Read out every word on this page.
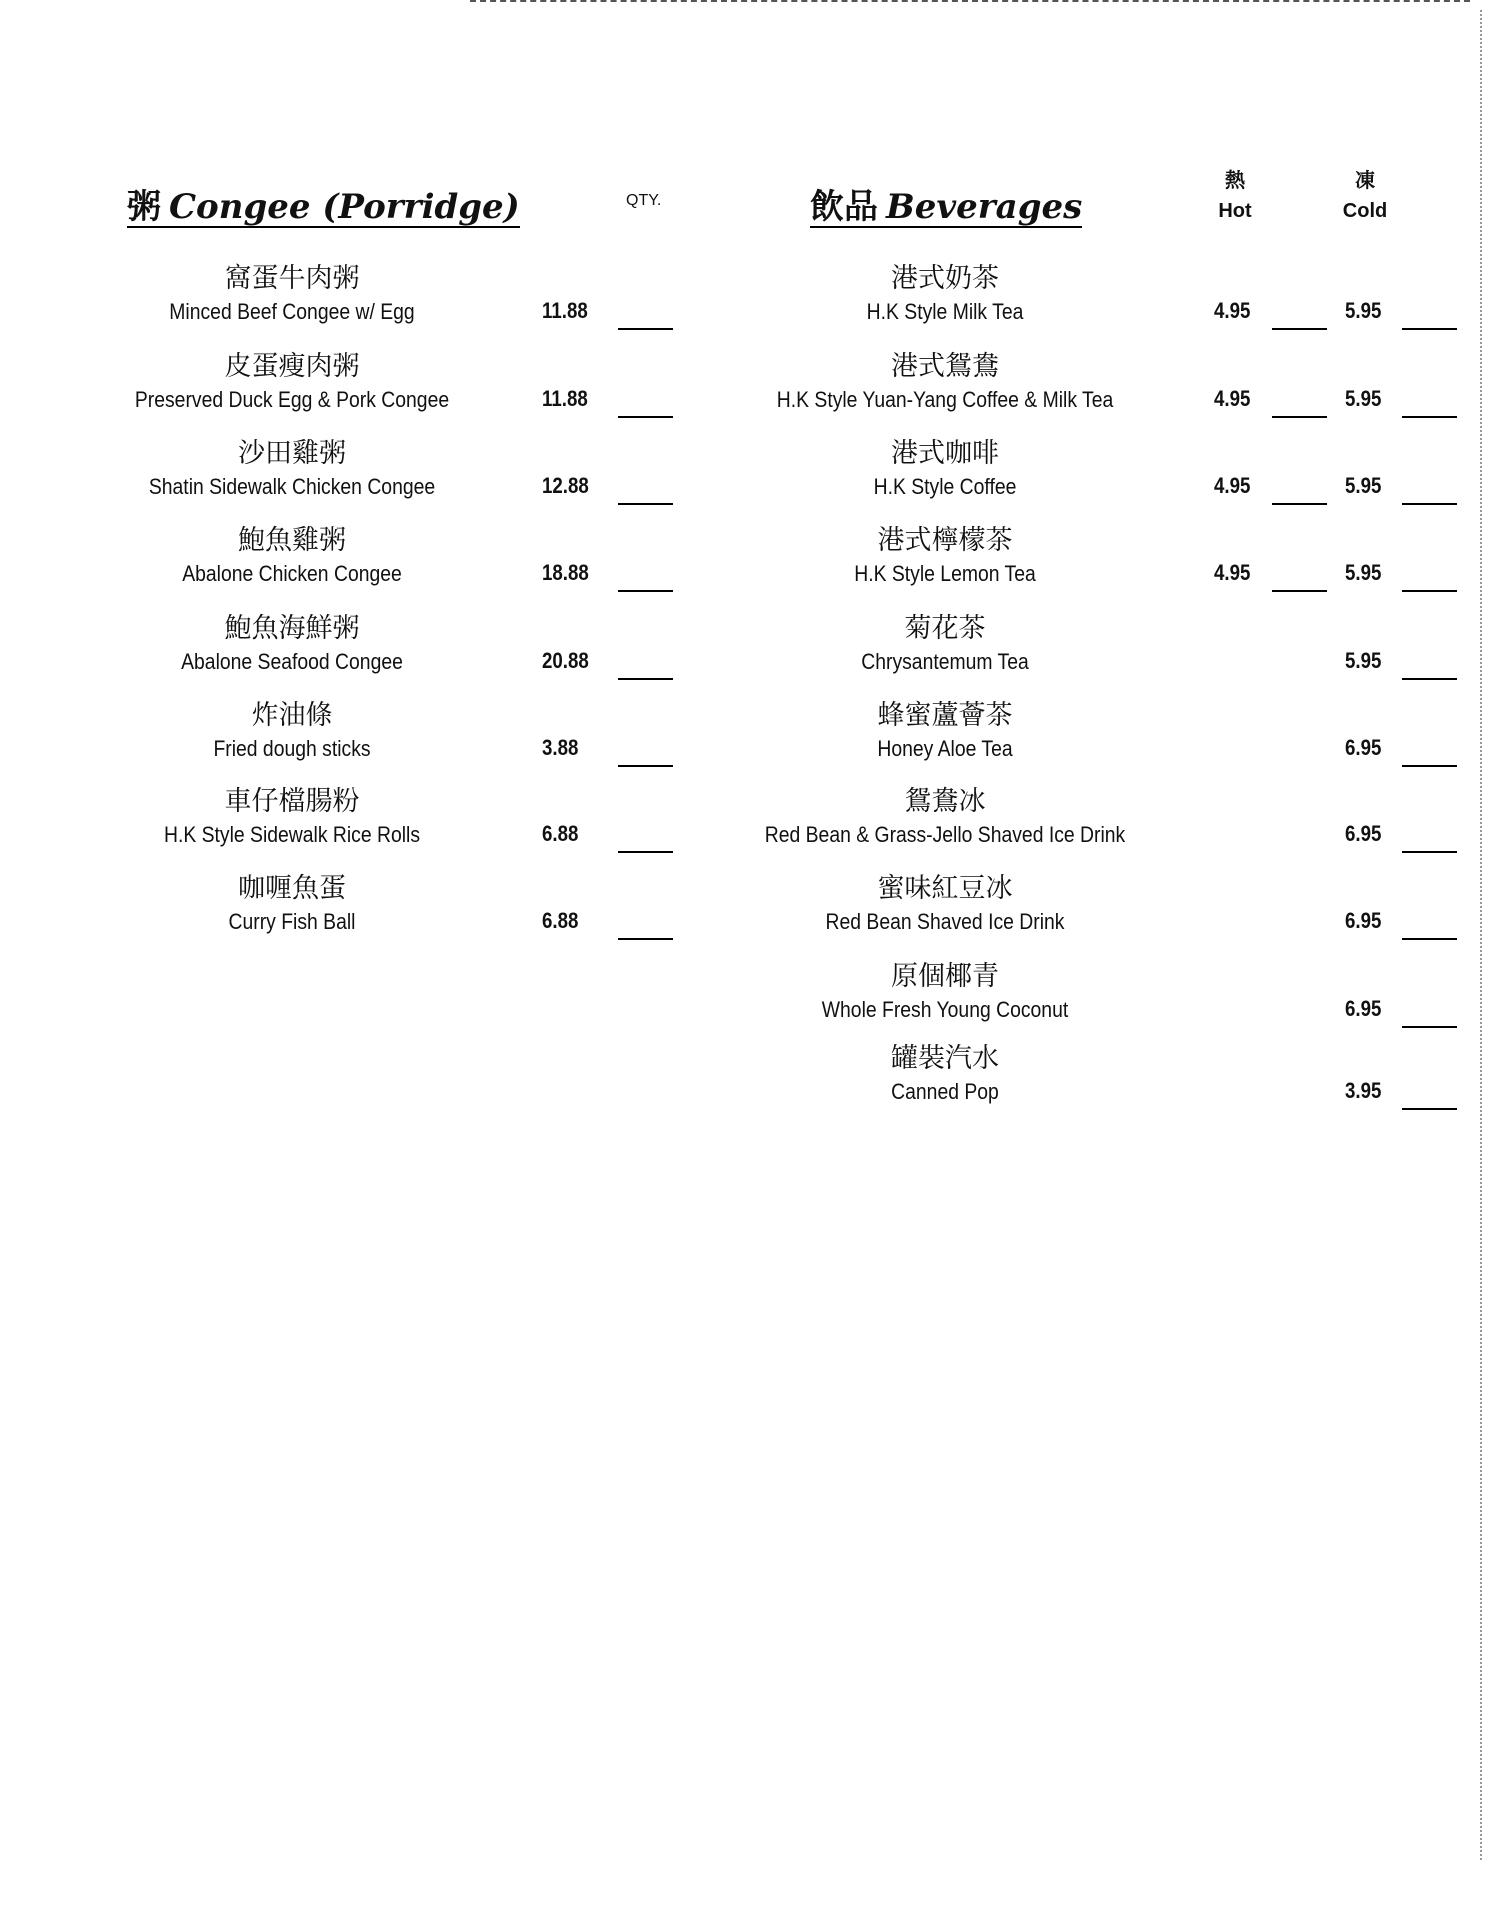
粥 Congee (Porridge)	QTY.
窩蛋牛肉粥
Minced Beef Congee w/ Egg
皮蛋瘦肉粥
Preserved Duck Egg & Pork Congee
沙田雞粥
Shatin Sidewalk Chicken Congee
鮑魚雞粥
Abalone Chicken Congee
鮑魚海鮮粥
Abalone Seafood Congee
炸油條
Fried dough sticks
車仔檔腸粉
H.K Style Sidewalk Rice Rolls
咖喱魚蛋
Curry Fish Ball
11.88
11.88
12.88
18.88
20.88
3.88
6.88
6.88
飲品 Beverages
熱
Hot
凍
Cold
港式奶茶
H.K Style Milk Tea
港式鴛鴦
H.K Style Yuan-Yang Coffee & Milk Tea
港式咖啡
H.K Style Coffee
港式檸檬茶
H.K Style Lemon Tea
菊花茶
Chrysantemum Tea
蜂蜜蘆薈茶
Honey Aloe Tea
鴛鴦冰
Red Bean & Grass-Jello Shaved Ice Drink
蜜味紅豆冰
Red Bean Shaved Ice Drink
原個椰青
Whole Fresh Young Coconut
罐裝汽水
Canned Pop
4.95
4.95
4.95
4.95
5.95
5.95
5.95
5.95
5.95
6.95
6.95
6.95
6.95
3.95
